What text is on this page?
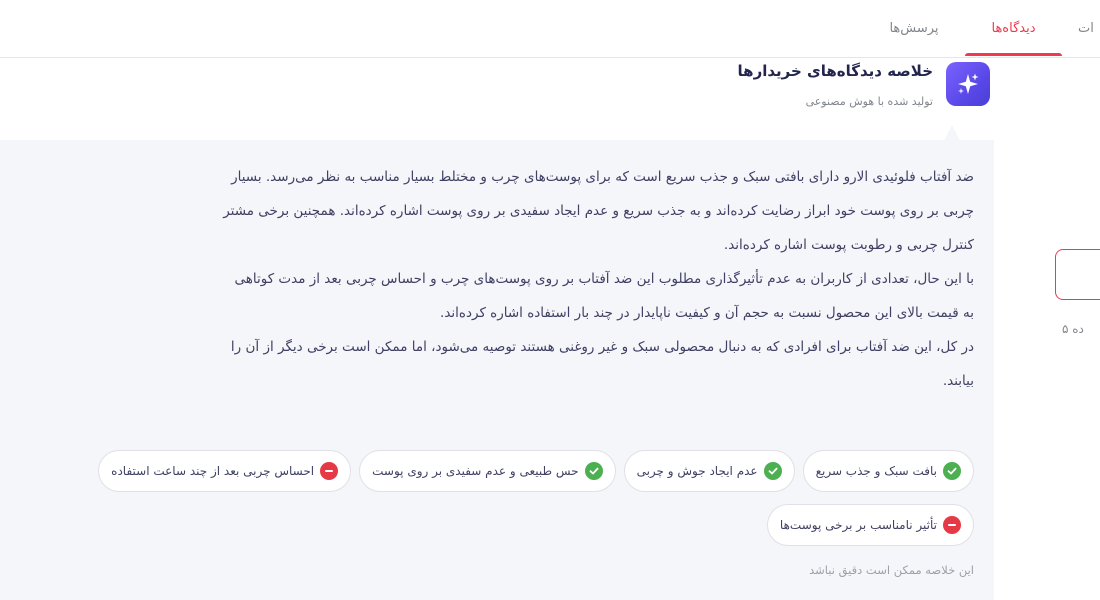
ات
دیدگاه‌ها
پرسش‌ها
خلاصه دیدگاه‌های خریدارها
تولید شده با هوش مصنوعی

ضد آفتاب فلوئیدی الارو دارای بافتی سبک و جذب سریع است که برای پوست‌های چرب و مختلط بسیار مناسب به نظر می‌رسد. بسیار

چربی بر روی پوست خود ابراز رضایت کرده‌اند و به جذب سریع و عدم ایجاد سفیدی بر روی پوست اشاره کرده‌اند. همچنین برخی مشتر

کنترل چربی و رطوبت پوست اشاره کرده‌اند.

با این حال، تعدادی از کاربران به عدم تأثیرگذاری مطلوب این ضد آفتاب بر روی پوست‌های چرب و احساس چربی بعد از مدت کوتاهی

به قیمت بالای این محصول نسبت به حجم آن و کیفیت ناپایدار در چند بار استفاده اشاره کرده‌اند.

در کل، این ضد آفتاب برای افرادی که به دنبال محصولی سبک و غیر روغنی هستند توصیه می‌شود، اما ممکن است برخی دیگر از آن را

بیابند.

بافت سبک و جذب سریع
عدم ایجاد جوش و چربی
حس طبیعی و عدم سفیدی بر روی پوست
احساس چربی بعد از چند ساعت استفاده
تأثیر نامناسب بر برخی پوست‌ها
این خلاصه ممکن است دقیق نباشد
ده ۵
